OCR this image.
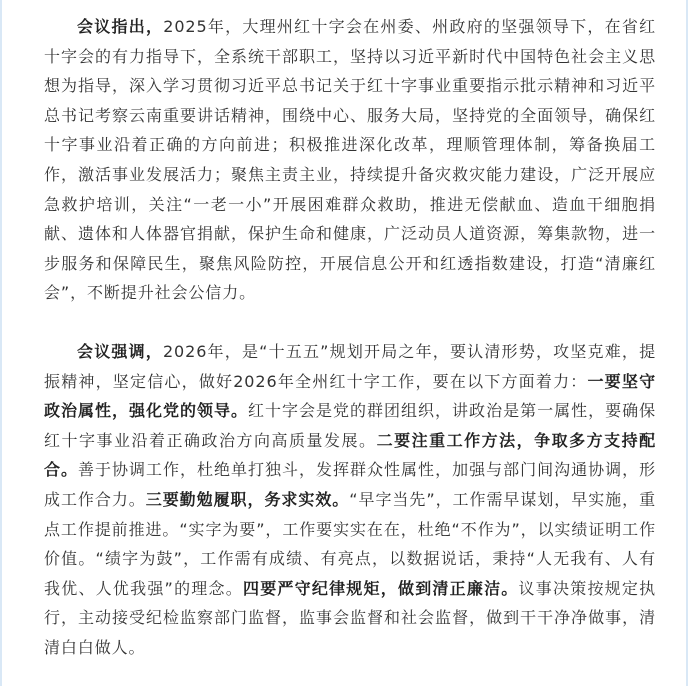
会议指出，2025年，大理州红十字会在州委、州政府的坚强领导下，在省红十字会的有力指导下，全系统干部职工，坚持以习近平新时代中国特色社会主义思想为指导，深入学习贯彻习近平总书记关于红十字事业重要指示批示精神和习近平总书记考察云南重要讲话精神，围绕中心、服务大局，坚持党的全面领导，确保红十字事业沿着正确的方向前进；积极推进深化改革，理顺管理体制，筹备换届工作，激活事业发展活力；聚焦主责主业，持续提升备灾救灾能力建设，广泛开展应急救护培训，关注“一老一小”开展困难群众救助，推进无偿献血、造血干细胞捐献、遗体和人体器官捐献，保护生命和健康，广泛动员人道资源，筹集款物，进一步服务和保障民生，聚焦风险防控，开展信息公开和红透指数建设，打造“清廉红会”，不断提升社会公信力。

会议强调，2026年，是“十五五”规划开局之年，要认清形势，攻坚克难，提振精神，坚定信心，做好2026年全州红十字工作，要在以下方面着力：一要坚守政治属性，强化党的领导。红十字会是党的群团组织，讲政治是第一属性，要确保红十字事业沿着正确政治方向高质量发展。二要注重工作方法，争取多方支持配合。善于协调工作，杜绝单打独斗，发挥群众性属性，加强与部门间沟通协调，形成工作合力。三要勤勉履职，务求实效。“早字当先”，工作需早谋划，早实施，重点工作提前推进。“实字为要”，工作要实实在在，杜绝“不作为”，以实绩证明工作价值。“绩字为鼓”，工作需有成绩、有亮点，以数据说话，秉持“人无我有、人有我优、人优我强”的理念。四要严守纪律规矩，做到清正廉洁。议事决策按规定执行，主动接受纪检监察部门监督，监事会监督和社会监督，做到干干净净做事，清清白白做人。
